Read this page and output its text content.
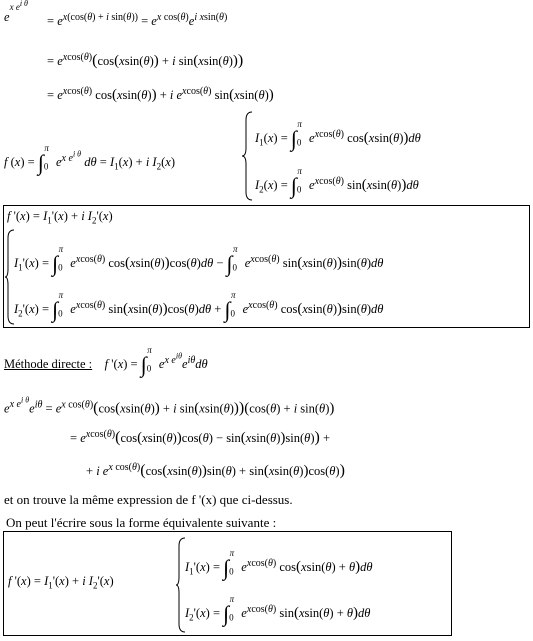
$e^{x e^{i \theta}}$
= $e^{x(cos(\theta) + i sin(\theta))} = e^{x cos(\theta)}e^{i xsin(\theta)}$
= $e^{xcos(\theta)}(\cos(xsin(\theta)) + i$ sin(xsin(θ)))
= $e^{xcos(\theta)}$ cos(xsin(θ)) + i $e^{xcos(\theta)}$ sin(xsin(θ))
f $(x) = \int_0^\pi$ $e^{x e^{i \theta}}$ $d\theta = I_1(x) + i$ $I_2(x)$
$I_1(x) = \int_0^\pi$ $e^{xcos(\theta)}$ cos(xsin(θ))dθ
$I_2(x) = \int_0^\pi$ $e^{xcos(\theta)}$ sin(xsin(θ))dθ
f '$(x) = I_1'(x) + i$ $I_2'(x)$
$I_1'(x) = \int_0^\pi$ $e^{xcos(\theta)}$ $\cos(xsin(\theta))\cos(\theta)d\theta - \int_0^\pi$ $e^{xcos(\theta)}$ sin(xsin(θ))sin(θ)dθ
$I_2'(x) = \int_0^\pi$ $e^{xcos(\theta)}$ $\sin(xsin(\theta))\cos(\theta)d\theta + \int_0^\pi$ $e^{xcos(\theta)}$ cos(xsin(θ))sin(θ)dθ
Méthode directe : f '$(x) = \int_0^\pi$ $e^{x e^{i\theta}}e^{i\theta}d\theta$
$e^{x e^{i \theta}}e^{i\theta} = e^{x cos(\theta)}(\cos(xsin(\theta)) + i$ sin(xsin(θ)))(cos(θ) + i sin(θ))
= $e^{xcos(\theta)}(\cos(xsin(\theta))\cos(\theta) - \sin(xsin(\theta))\sin(\theta))$ +
+ i $e^{x cos(\theta)}(\cos(xsin(\theta))\sin(\theta) + \sin(xsin(\theta))\cos(\theta))$
et on trouve la même expression de f '(x) que ci-dessus.
On peut l'écrire sous la forme équivalente suivante :
f '$(x) = I_1'(x) + i$ $I_2'(x)$
$I_1'(x) = \int_0^\pi$ $e^{xcos(\theta)}$ cos(xsin(θ) + θ)dθ
$I_2'(x) = \int_0^\pi$ $e^{xcos(\theta)}$ sin(xsin(θ) + θ)dθ
